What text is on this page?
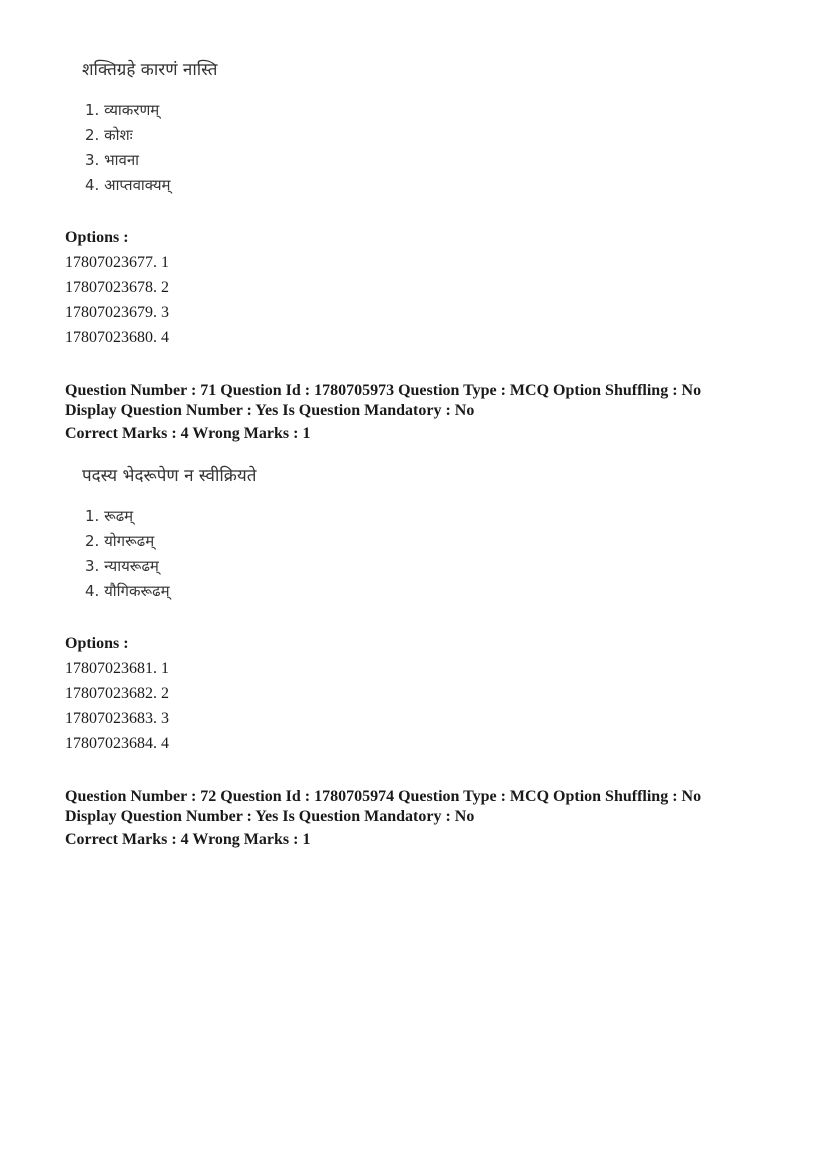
शक्तिग्रहे कारणं नास्ति
1. व्याकरणम्
2. कोशः
3. भावना
4. आप्तवाक्यम्
Options :
17807023677. 1
17807023678. 2
17807023679. 3
17807023680. 4
Question Number : 71 Question Id : 1780705973 Question Type : MCQ Option Shuffling : No
Display Question Number : Yes Is Question Mandatory : No
Correct Marks : 4 Wrong Marks : 1
पदस्य भेदरूपेण न स्वीक्रियते
1. रूढम्
2. योगरूढम्
3. न्यायरूढम्
4. यौगिकरूढम्
Options :
17807023681. 1
17807023682. 2
17807023683. 3
17807023684. 4
Question Number : 72 Question Id : 1780705974 Question Type : MCQ Option Shuffling : No
Display Question Number : Yes Is Question Mandatory : No
Correct Marks : 4 Wrong Marks : 1
